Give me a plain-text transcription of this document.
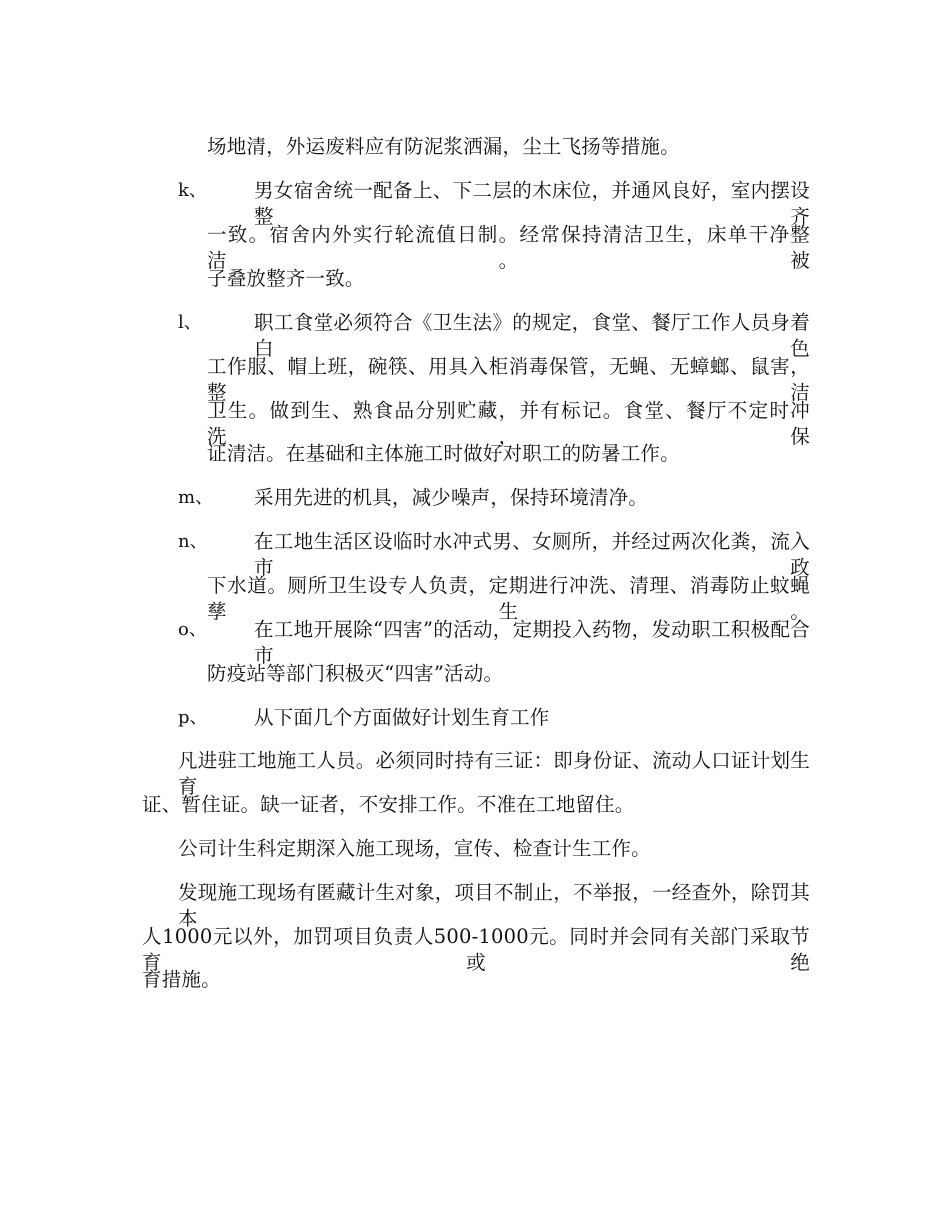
场地清，外运废料应有防泥浆洒漏，尘土飞扬等措施。
k、 男女宿舍统一配备上、下二层的木床位，并通风良好，室内摆设整齐
一致。宿舍内外实行轮流值日制。经常保持清洁卫生，床单干净整洁。被
子叠放整齐一致。
l、	职工食堂必须符合《卫生法》的规定，食堂、餐厅工作人员身着白色
工作服、帽上班，碗筷、用具入柜消毒保管，无蝇、无蟑螂、鼠害，整洁
卫生。做到生、熟食品分别贮藏，并有标记。食堂、餐厅不定时冲洗，保
证清洁。在基础和主体施工时做好对职工的防暑工作。
m、 采用先进的机具，减少噪声，保持环境清净。
n、 在工地生活区设临时水冲式男、女厕所，并经过两次化粪，流入市政
下水道。厕所卫生设专人负责，定期进行冲洗、清理、消毒防止蚊蝇孳生。
o、 在工地开展除“四害”的活动，定期投入药物，发动职工积极配合市
防疫站等部门积极灭“四害”活动。
p、 从下面几个方面做好计划生育工作
凡进驻工地施工人员。必须同时持有三证：即身份证、流动人口证计划生育
证、暂住证。缺一证者，不安排工作。不准在工地留住。
公司计生科定期深入施工现场，宣传、检查计生工作。
发现施工现场有匿藏计生对象，项目不制止，不举报，一经查外，除罚其本
人1000元以外，加罚项目负责人500-1000元。同时并会同有关部门采取节育或绝
育措施。
